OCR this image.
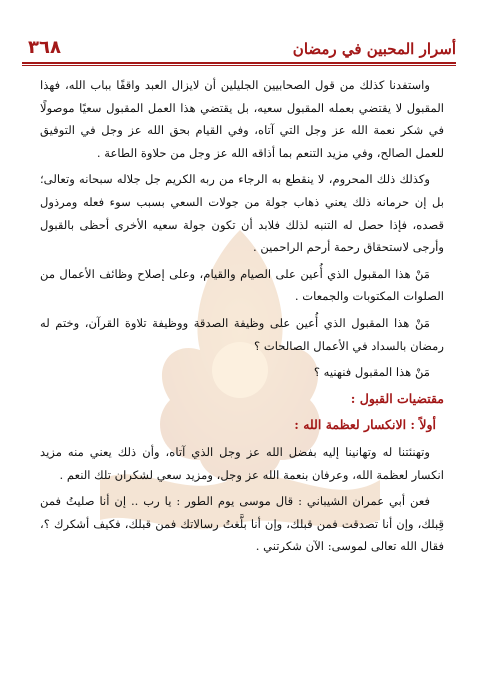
٣٦٨	أسرار المحبين في رمضان

واستفدنا كذلك من قول الصحابيين الجليلين أن لايزال العبد واقفًا بباب الله، فهذا المقبول لا يقتضي بعمله المقبول سعيه، بل يقتضي هذا العمل المقبول سعيًا موصولًا في شكر نعمة الله عز وجل التي آتاه، وفي القيام بحق الله عز وجل في التوفيق للعمل الصالح، وفي مزيد التنعم بما أذاقه الله عز وجل من حلاوة الطاعة .

وكذلك ذلك المحروم، لا ينقطع به الرجاء من ربه الكريم جل جلاله سبحانه وتعالى؛ بل إن حرمانه ذلك يعني ذهاب جولة من جولات السعي بسبب سوء فعله ومرذول قصده، فإذا حصل له التنبه لذلك فلابد أن تكون جولة سعيه الأخرى أحظى بالقبول وأرجى لاستحقاق رحمة أرحم الراحمين .

مَنْ هذا المقبول الذي أُعين على الصيام والقيام، وعلى إصلاح وظائف الأعمال من الصلوات المكتوبات والجمعات .

مَنْ هذا المقبول الذي أُعين على وظيفة الصدقة ووظيفة تلاوة القرآن، وختم له رمضان بالسداد في الأعمال الصالحات ؟

مَنْ هذا المقبول فنهنيه ؟

مقتضيات القبول :
أولاً : الانكسار لعظمة الله :

وتهنئتنا له وتهانينا إليه بفضل الله عز وجل الذي آتاه، وأن ذلك يعني منه مزيد انكسار لعظمة الله، وعرفان بنعمة الله عز وجل، ومزيد سعي لشكران تلك النعم .

فعن أبي عمران الشيباني : قال موسى يوم الطور : يا رب .. إن أنا صليتُ فمن قِبلك، وإن أنا تصدقت فمن قبلك، وإن أنا بلَّغتُ رسالاتك فمن قبلك، فكيف أشكرك ؟، فقال الله تعالى لموسى: الآن شكرتني .
